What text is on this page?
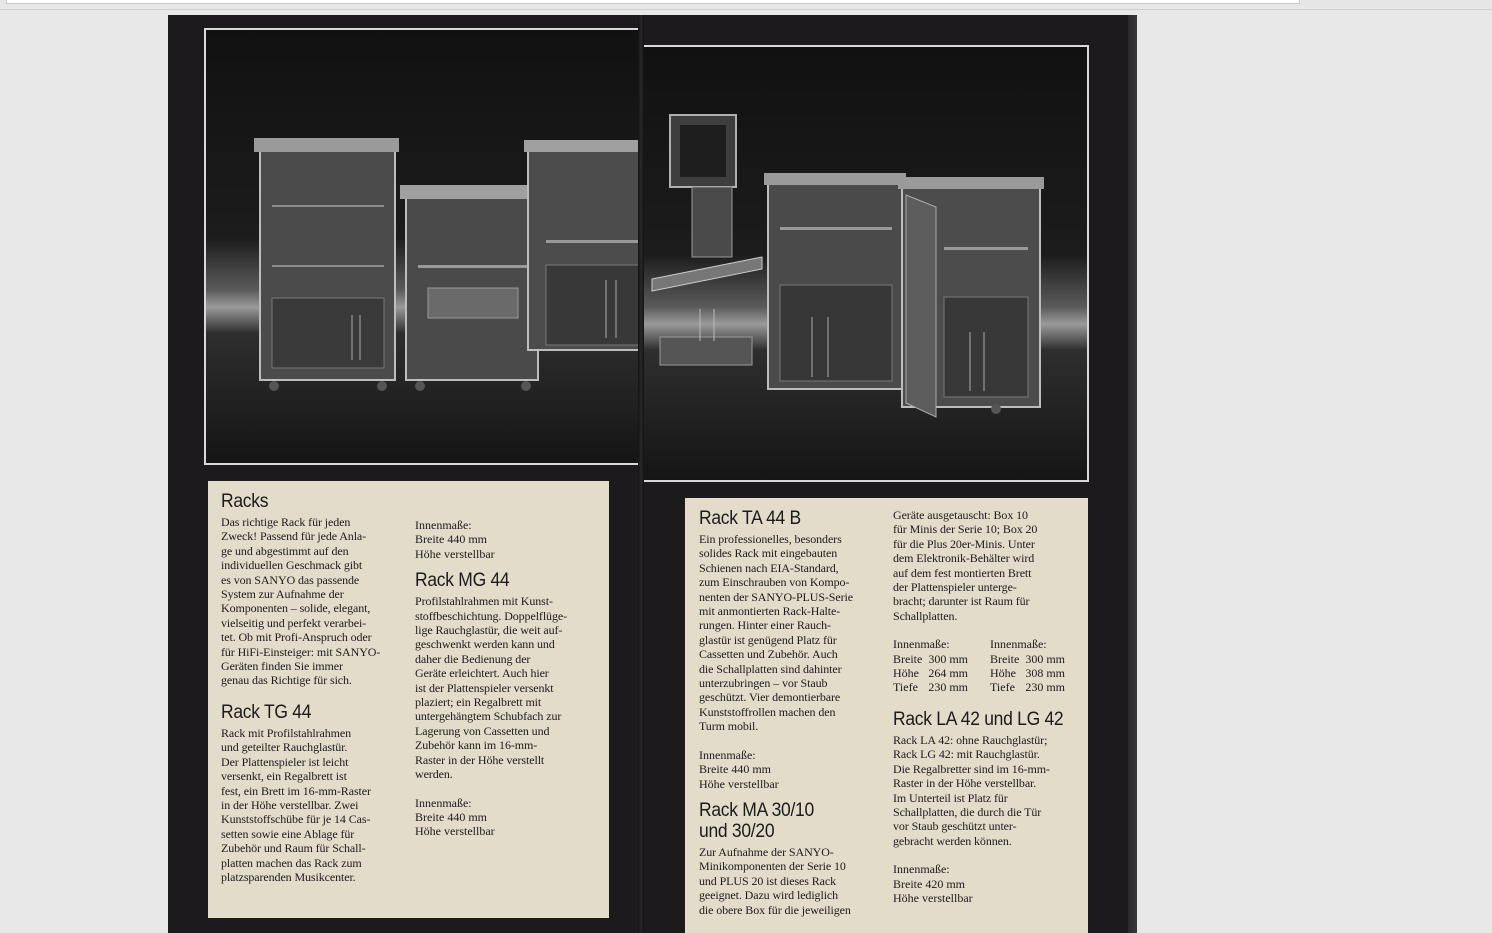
Racks

Das richtige Rack für jeden
Zweck! Passend für jede Anla-
ge und abgestimmt auf den
individuellen Geschmack gibt
es von SANYO das passende
System zur Aufnahme der
Komponenten – solide, elegant,
vielseitig und perfekt verarbei-
tet. Ob mit Profi-Anspruch oder
für HiFi-Einsteiger: mit SANYO-
Geräten finden Sie immer
genau das Richtige für sich.

Rack TG 44

Rack mit Profilstahlrahmen
und geteilter Rauchglastür.
Der Plattenspieler ist leicht
versenkt, ein Regalbrett ist
fest, ein Brett im 16-mm-Raster
in der Höhe verstellbar. Zwei
Kunststoffschübe für je 14 Cas-
setten sowie eine Ablage für
Zubehör und Raum für Schall-
platten machen das Rack zum
platzsparenden Musikcenter.

Innenmaße:
Breite 440 mm
Höhe verstellbar
Rack MG 44

Profilstahlrahmen mit Kunst-
stoffbeschichtung. Doppelflüge-
lige Rauchglastür, die weit auf-
geschwenkt werden kann und
daher die Bedienung der
Geräte erleichtert. Auch hier
ist der Plattenspieler versenkt
plaziert; ein Regalbrett mit
untergehängtem Schubfach zur
Lagerung von Cassetten und
Zubehör kann im 16-mm-
Raster in der Höhe verstellt
werden.

Innenmaße:
Breite 440 mm
Höhe verstellbar
Rack TA 44 B

Ein professionelles, besonders
solides Rack mit eingebauten
Schienen nach EIA-Standard,
zum Einschrauben von Kompo-
nenten der SANYO-PLUS-Serie
mit anmontierten Rack-Halte-
rungen. Hinter einer Rauch-
glastür ist genügend Platz für
Cassetten und Zubehör. Auch
die Schallplatten sind dahinter
unterzubringen – vor Staub
geschützt. Vier demontierbare
Kunststoffrollen machen den
Turm mobil.

Innenmaße:
Breite 440 mm
Höhe verstellbar
Rack MA 30/10
und 30/20

Zur Aufnahme der SANYO-
Minikomponenten der Serie 10
und PLUS 20 ist dieses Rack
geeignet. Dazu wird lediglich
die obere Box für die jeweiligen

Geräte ausgetauscht: Box 10
für Minis der Serie 10; Box 20
für die Plus 20er-Minis. Unter
dem Elektronik-Behälter wird
auf dem fest montierten Brett
der Plattenspieler unterge-
bracht; darunter ist Raum für
Schallplatten.

Innenmaße:
Breite	300 mm
Höhe	264 mm
Tiefe	230 mm
Innenmaße:
Breite	300 mm
Höhe	308 mm
Tiefe	230 mm
Rack LA 42 und LG 42

Rack LA 42: ohne Rauchglastür;
Rack LG 42: mit Rauchglastür.
Die Regalbretter sind im 16-mm-
Raster in der Höhe verstellbar.
Im Unterteil ist Platz für
Schallplatten, die durch die Tür
vor Staub geschützt unter-
gebracht werden können.

Innenmaße:
Breite 420 mm
Höhe verstellbar
